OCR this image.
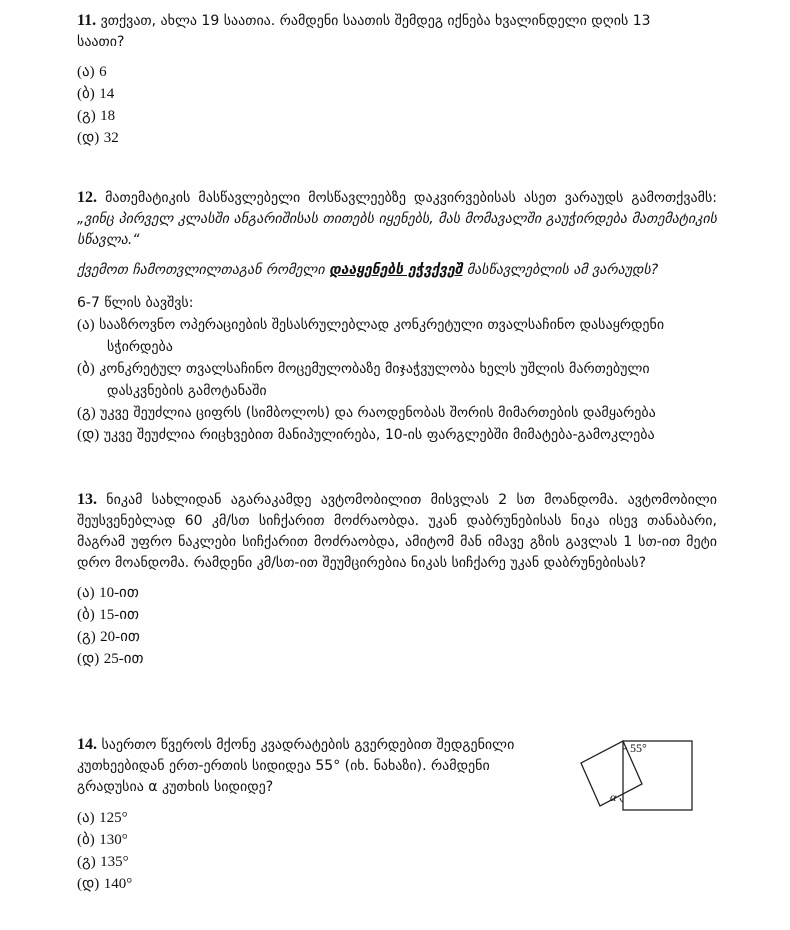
11. ვთქვათ, ახლა 19 საათია. რამდენი საათის შემდეგ იქნება ხვალინდელი დღის 13 საათი?
(ა) 6
(ბ) 14
(გ) 18
(დ) 32
12. მათემატიკის მასწავლებელი მოსწავლეებზე დაკვირვებისას ასეთ ვარაუდს გამოთქვამს: „ვინც პირველ კლასში ანგარიშისას თითებს იყენებს, მას მომავალში გაუჭირდება მათემატიკის სწავლა.“
ქვემოთ ჩამოთვლილთაგან რომელი დააყენებს ეჭვქვეშ მასწავლებლის ამ ვარაუდს?
6-7 წლის ბავშვს:
(ა) სააზროვნო ოპერაციების შესასრულებლად კონკრეტული თვალსაჩინო დასაყრდენი სჭირდება
(ბ) კონკრეტულ თვალსაჩინო მოცემულობაზე მიჯაჭვულობა ხელს უშლის მართებული დასკვნების გამოტანაში
(გ) უკვე შეუძლია ციფრს (სიმბოლოს) და რაოდენობას შორის მიმართების დამყარება
(დ) უკვე შეუძლია რიცხვებით მანიპულირება, 10-ის ფარგლებში მიმატება-გამოკლება
13. ნიკამ სახლიდან აგარაკამდე ავტომობილით მისვლას 2 სთ მოანდომა. ავტომობილი შეუსვენებლად 60 კმ/სთ სიჩქარით მოძრაობდა. უკან დაბრუნებისას ნიკა ისევ თანაბარი, მაგრამ უფრო ნაკლები სიჩქარით მოძრაობდა, ამიტომ მან იმავე გზის გავლას 1 სთ-ით მეტი დრო მოანდომა. რამდენი კმ/სთ-ით შეუმცირებია ნიკას სიჩქარე უკან დაბრუნებისას?
(ა) 10-ით
(ბ) 15-ით
(გ) 20-ით
(დ) 25-ით
14. საერთო წვეროს მქონე კვადრატების გვერდებით შედგენილი კუთხეებიდან ერთ-ერთის სიდიდეა 55° (იხ. ნახაზი). რამდენი გრადუსია α კუთხის სიდიდე?
(ა) 125°
(ბ) 130°
(გ) 135°
(დ) 140°
55°
α
